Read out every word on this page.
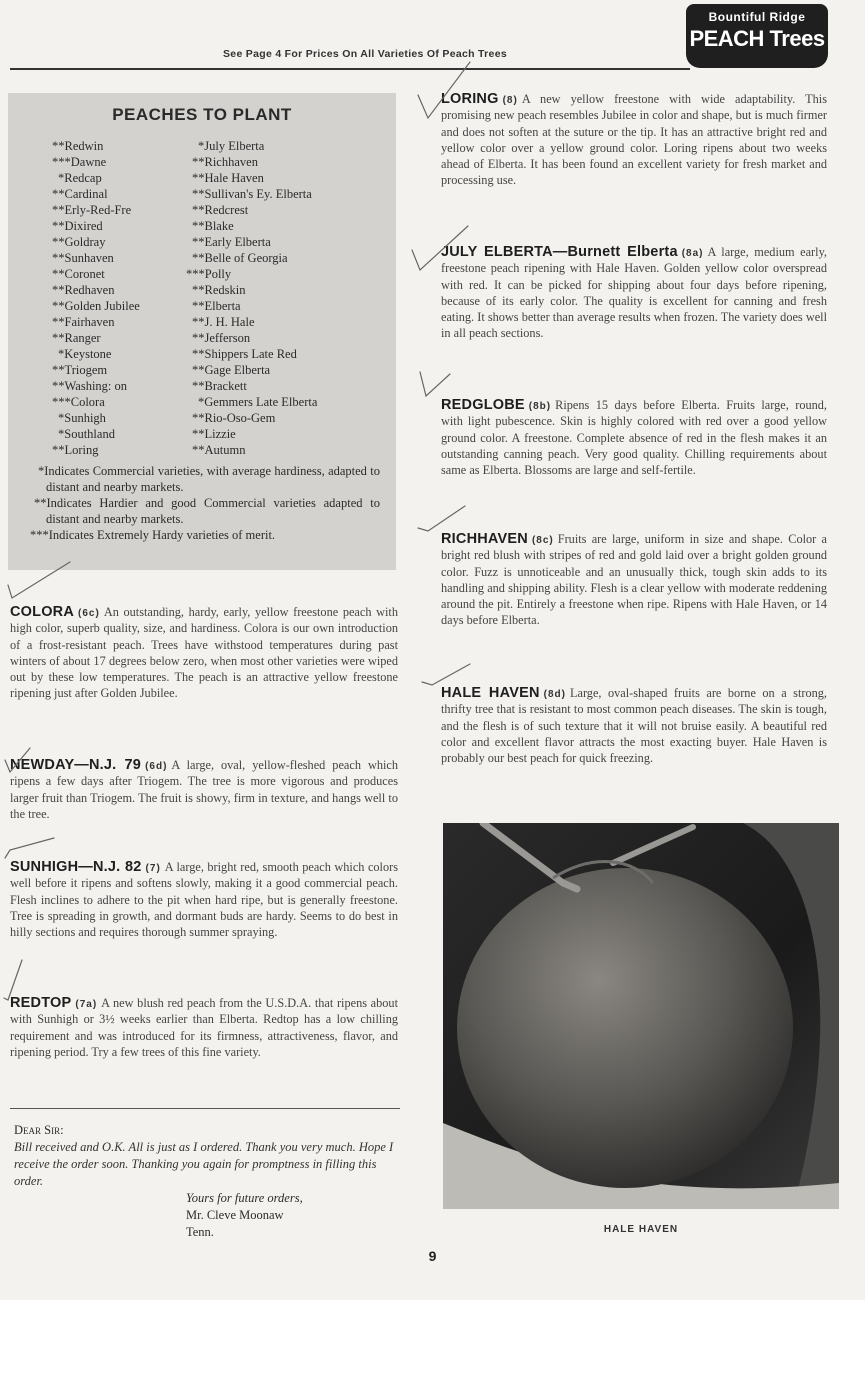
See Page 4 For Prices On All Varieties Of Peach Trees
Bountiful Ridge
PEACH Trees
PEACHES TO PLANT
**Redwin
***Dawne
*Redcap
**Cardinal
**Erly-Red-Fre
**Dixired
**Goldray
**Sunhaven
**Coronet
**Redhaven
**Golden Jubilee
**Fairhaven
**Ranger
*Keystone
**Triogem
**Washing: on
***Colora
*Sunhigh
*Southland
**Loring
*July Elberta
**Richhaven
**Hale Haven
**Sullivan's Ey. Elberta
**Redcrest
**Blake
**Early Elberta
**Belle of Georgia
***Polly
**Redskin
**Elberta
**J. H. Hale
**Jefferson
**Shippers Late Red
**Gage Elberta
**Brackett
*Gemmers Late Elberta
**Rio-Oso-Gem
**Lizzie
**Autumn
*Indicates Commercial varieties, with average hardiness, adapted to distant and nearby markets.
**Indicates Hardier and good Commercial varieties adapted to distant and nearby markets.
***Indicates Extremely Hardy varieties of merit.
COLORA (6c) An outstanding, hardy, early, yellow freestone peach with high color, superb quality, size, and hardiness. Colora is our own introduction of a frost-resistant peach. Trees have withstood temperatures during past winters of about 17 degrees below zero, when most other varieties were wiped out by these low temperatures. The peach is an attractive yellow freestone ripening just after Golden Jubilee.
NEWDAY—N.J. 79 (6d) A large, oval, yellow-fleshed peach which ripens a few days after Triogem. The tree is more vigorous and produces larger fruit than Triogem. The fruit is showy, firm in texture, and hangs well to the tree.
SUNHIGH—N.J. 82 (7) A large, bright red, smooth peach which colors well before it ripens and softens slowly, making it a good commercial peach. Flesh inclines to adhere to the pit when hard ripe, but is generally freestone. Tree is spreading in growth, and dormant buds are hardy. Seems to do best in hilly sections and requires thorough summer spraying.
REDTOP (7a) A new blush red peach from the U.S.D.A. that ripens about with Sunhigh or 3½ weeks earlier than Elberta. Redtop has a low chilling requirement and was introduced for its firmness, attractiveness, flavor, and ripening period. Try a few trees of this fine variety.
LORING (8) A new yellow freestone with wide adaptability. This promising new peach resembles Jubilee in color and shape, but is much firmer and does not soften at the suture or the tip. It has an attractive bright red and yellow color over a yellow ground color. Loring ripens about two weeks ahead of Elberta. It has been found an excellent variety for fresh market and processing use.
JULY ELBERTA—Burnett Elberta (8a) A large, medium early, freestone peach ripening with Hale Haven. Golden yellow color overspread with red. It can be picked for shipping about four days before ripening, because of its early color. The quality is excellent for canning and fresh eating. It shows better than average results when frozen. The variety does well in all peach sections.
REDGLOBE (8b) Ripens 15 days before Elberta. Fruits large, round, with light pubescence. Skin is highly colored with red over a good yellow ground color. A freestone. Complete absence of red in the flesh makes it an outstanding canning peach. Very good quality. Chilling requirements about same as Elberta. Blossoms are large and self-fertile.
RICHHAVEN (8c) Fruits are large, uniform in size and shape. Color a bright red blush with stripes of red and gold laid over a bright golden ground color. Fuzz is unnoticeable and an unusually thick, tough skin adds to its handling and shipping ability. Flesh is a clear yellow with moderate reddening around the pit. Entirely a freestone when ripe. Ripens with Hale Haven, or 14 days before Elberta.
HALE HAVEN (8d) Large, oval-shaped fruits are borne on a strong, thrifty tree that is resistant to most common peach diseases. The skin is tough, and the flesh is of such texture that it will not bruise easily. A beautiful red color and excellent flavor attracts the most exacting buyer. Hale Haven is probably our best peach for quick freezing.
Dear Sir:
Bill received and O.K. All is just as I ordered. Thank you very much. Hope I receive the order soon. Thanking you again for promptness in filling this order.
Yours for future orders,
Mr. Cleve Moonaw
Tenn.	HALE HAVEN
9
